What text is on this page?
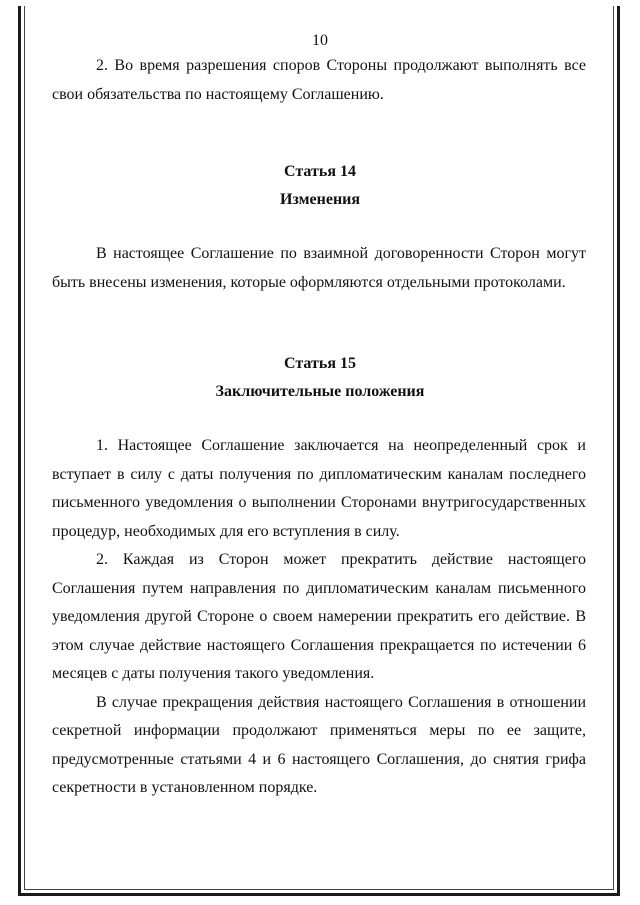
10

2. Во время разрешения споров Стороны продолжают выполнять все свои обязательства по настоящему Соглашению.

Статья 14
Изменения

В настоящее Соглашение по взаимной договоренности Сторон могут быть внесены изменения, которые оформляются отдельными протоколами.

Статья 15
Заключительные положения

1. Настоящее Соглашение заключается на неопределенный срок и вступает в силу с даты получения по дипломатическим каналам последнего письменного уведомления о выполнении Сторонами внутригосударственных процедур, необходимых для его вступления в силу.

2. Каждая из Сторон может прекратить действие настоящего Соглашения путем направления по дипломатическим каналам письменного уведомления другой Стороне о своем намерении прекратить его действие. В этом случае действие настоящего Соглашения прекращается по истечении 6 месяцев с даты получения такого уведомления.

В случае прекращения действия настоящего Соглашения в отношении секретной информации продолжают применяться меры по ее защите, предусмотренные статьями 4 и 6 настоящего Соглашения, до снятия грифа секретности в установленном порядке.
